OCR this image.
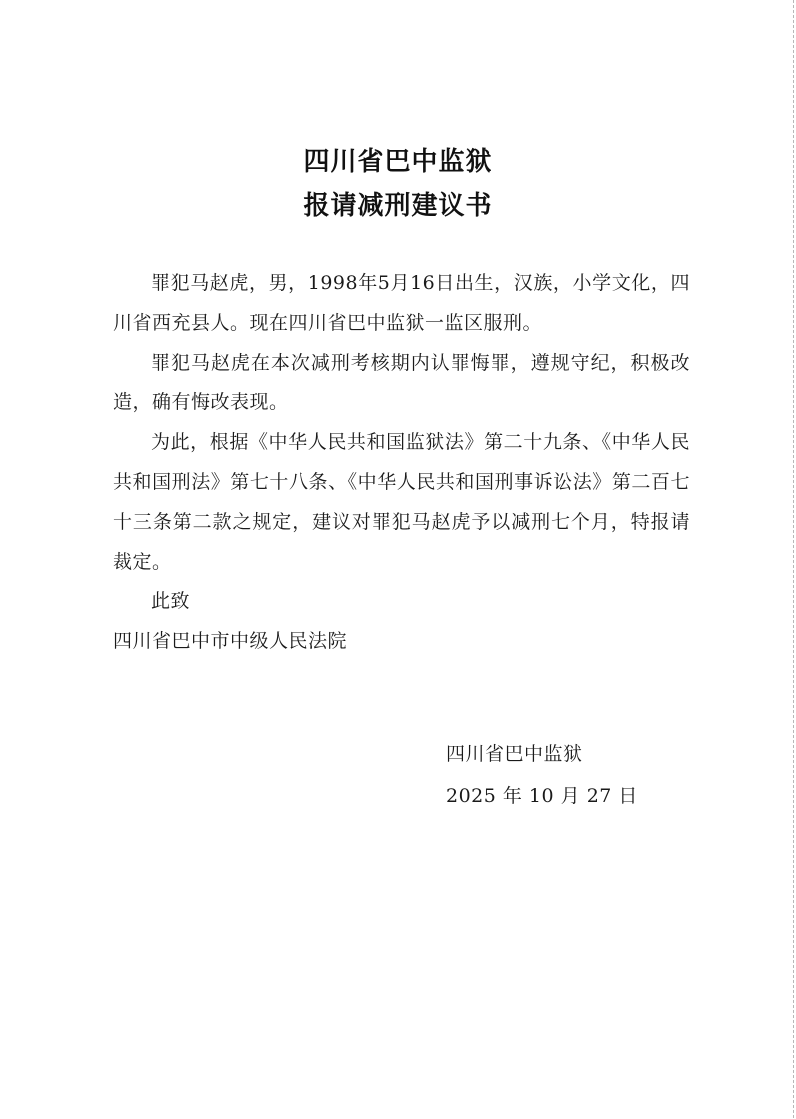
四川省巴中监狱
报请减刑建议书

罪犯马赵虎，男，1998年5月16日出生，汉族，小学文化，四川省西充县人。现在四川省巴中监狱一监区服刑。

罪犯马赵虎在本次减刑考核期内认罪悔罪，遵规守纪，积极改造，确有悔改表现。

为此，根据《中华人民共和国监狱法》第二十九条、《中华人民共和国刑法》第七十八条、《中华人民共和国刑事诉讼法》第二百七十三条第二款之规定，建议对罪犯马赵虎予以减刑七个月，特报请裁定。

此致

四川省巴中市中级人民法院

四川省巴中监狱
2025 年 10 月 27 日
